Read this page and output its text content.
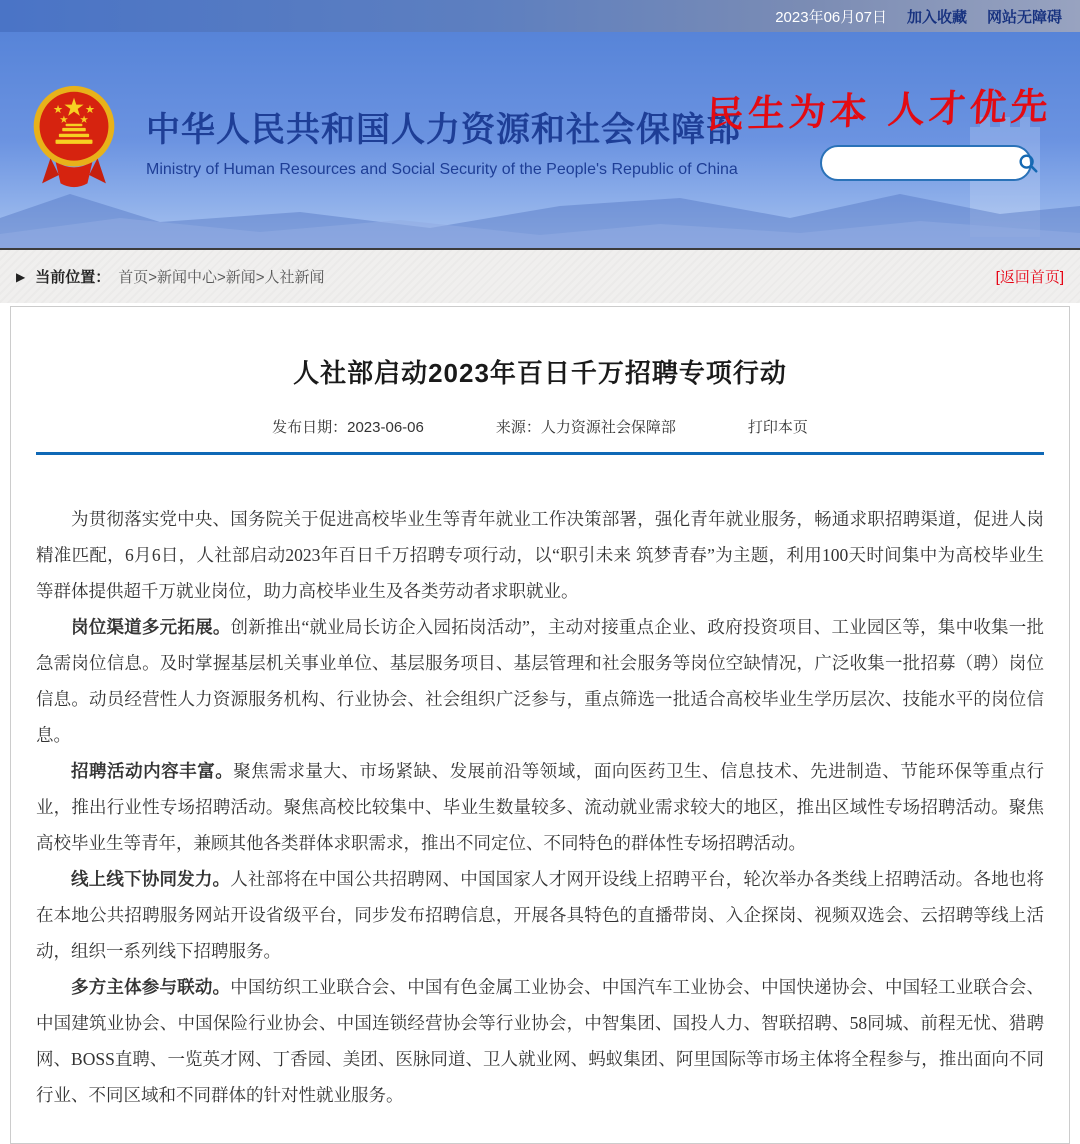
2023年06月07日 加入收藏 网站无障碍
中华人民共和国人力资源和社会保障部
Ministry of Human Resources and Social Security of the People's Republic of China
民生为本 人才优先
▶ 当前位置： 首页>新闻中心>新闻>人社新闻	[返回首页]
人社部启动2023年百日千万招聘专项行动
发布日期：2023-06-06	来源：人力资源社会保障部	打印本页

为贯彻落实党中央、国务院关于促进高校毕业生等青年就业工作决策部署，强化青年就业服务，畅通求职招聘渠道，促进人岗精准匹配，6月6日，人社部启动2023年百日千万招聘专项行动，以“职引未来 筑梦青春”为主题，利用100天时间集中为高校毕业生等群体提供超千万就业岗位，助力高校毕业生及各类劳动者求职就业。

岗位渠道多元拓展。创新推出“就业局长访企入园拓岗活动”，主动对接重点企业、政府投资项目、工业园区等，集中收集一批急需岗位信息。及时掌握基层机关事业单位、基层服务项目、基层管理和社会服务等岗位空缺情况，广泛收集一批招募（聘）岗位信息。动员经营性人力资源服务机构、行业协会、社会组织广泛参与，重点筛选一批适合高校毕业生学历层次、技能水平的岗位信息。

招聘活动内容丰富。聚焦需求量大、市场紧缺、发展前沿等领域，面向医药卫生、信息技术、先进制造、节能环保等重点行业，推出行业性专场招聘活动。聚焦高校比较集中、毕业生数量较多、流动就业需求较大的地区，推出区域性专场招聘活动。聚焦高校毕业生等青年，兼顾其他各类群体求职需求，推出不同定位、不同特色的群体性专场招聘活动。

线上线下协同发力。人社部将在中国公共招聘网、中国国家人才网开设线上招聘平台，轮次举办各类线上招聘活动。各地也将在本地公共招聘服务网站开设省级平台，同步发布招聘信息，开展各具特色的直播带岗、入企探岗、视频双选会、云招聘等线上活动，组织一系列线下招聘服务。

多方主体参与联动。中国纺织工业联合会、中国有色金属工业协会、中国汽车工业协会、中国快递协会、中国轻工业联合会、中国建筑业协会、中国保险行业协会、中国连锁经营协会等行业协会，中智集团、国投人力、智联招聘、58同城、前程无忧、猎聘网、BOSS直聘、一览英才网、丁香园、美团、医脉同道、卫人就业网、蚂蚁集团、阿里国际等市场主体将全程参与，推出面向不同行业、不同区域和不同群体的针对性就业服务。
